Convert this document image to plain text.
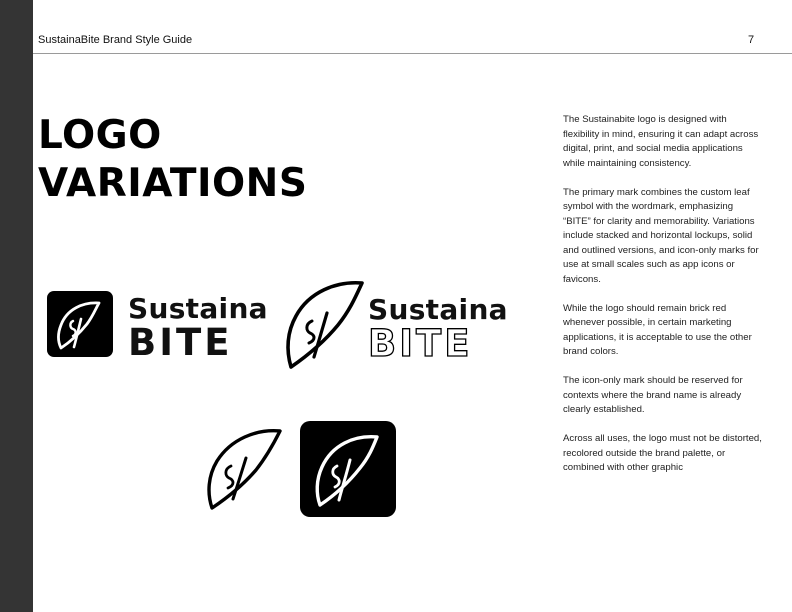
SustainaBite Brand Style Guide	7
LOGO
VARIATIONS
Sustaina
BITE
Sustaina
BITE

The Sustainabite logo is designed with flexibility in mind, ensuring it can adapt across digital, print, and social media applications while maintaining consistency.

The primary mark combines the custom leaf symbol with the wordmark, emphasizing “BITE” for clarity and memorability. Variations include stacked and horizontal lockups, solid and outlined versions, and icon-only marks for use at small scales such as app icons or favicons.

While the logo should remain brick red whenever possible, in certain marketing applications, it is acceptable to use the other brand colors.

The icon-only mark should be reserved for contexts where the brand name is already clearly established.

Across all uses, the logo must not be distorted, recolored outside the brand palette, or combined with other graphic
